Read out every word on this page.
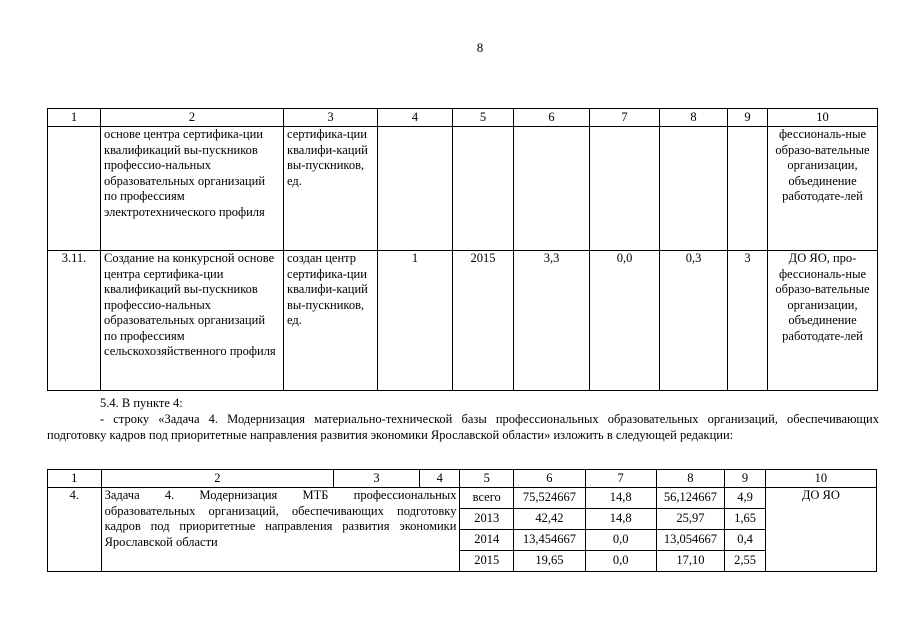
8
1	2	3	4	5	6	7	8	9	10
	основе центра сертифика-ции квалификаций вы-пускников профессио-нальных образовательных организаций по профессиям электротехнического профиля	сертифика-ции квалифи-каций вы-пускников, ед.							фессиональ-ные образо-вательные организации, объединение работодате-лей
3.11.	Создание на конкурсной основе центра сертифика-ции квалификаций вы-пускников профессио-нальных образовательных организаций по профессиям сельскохозяйственного профиля	создан центр сертифика-ции квалифи-каций вы-пускников, ед.	1	2015	3,3	0,0	0,3	3	ДО ЯО, про-фессиональ-ные образо-вательные организации, объединение работодате-лей
5.4. В пункте 4:
- строку «Задача 4. Модернизация материально-технической базы профессиональных образовательных организаций, обеспечивающих подготовку кадров под приоритетные направления развития экономики Ярославской области» изложить в следующей редакции:
1	2	3	4	5	6	7	8	9	10
4.	Задача 4. Модернизация МТБ профессиональных образовательных организаций, обеспечивающих подготовку кадров под приоритетные направления развития экономики Ярославской области			всего	75,524667	14,8	56,124667	4,9	ДО ЯО
				2013	42,42	14,8	25,97	1,65	
				2014	13,454667	0,0	13,054667	0,4	
				2015	19,65	0,0	17,10	2,55	
